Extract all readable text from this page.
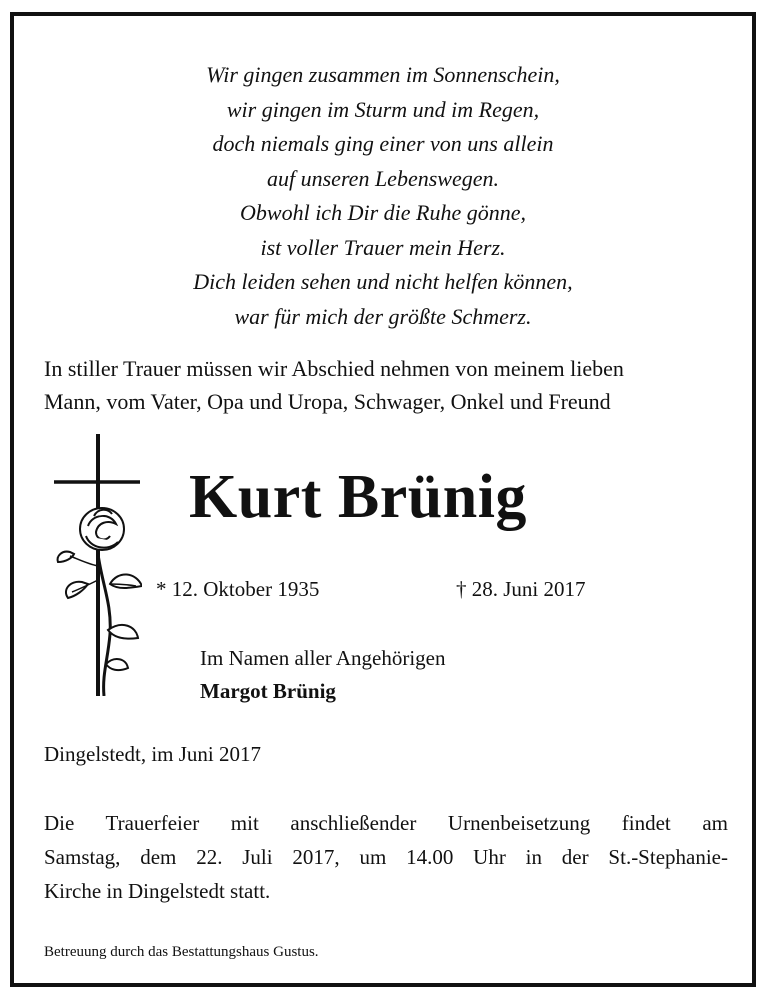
Wir gingen zusammen im Sonnenschein,
wir gingen im Sturm und im Regen,
doch niemals ging einer von uns allein
auf unseren Lebenswegen.
Obwohl ich Dir die Ruhe gönne,
ist voller Trauer mein Herz.
Dich leiden sehen und nicht helfen können,
war für mich der größte Schmerz.
In stiller Trauer müssen wir Abschied nehmen von meinem lieben
Mann, vom Vater, Opa und Uropa, Schwager, Onkel und Freund
Kurt Brünig
* 12. Oktober 1935	† 28. Juni 2017
Im Namen aller Angehörigen
Margot Brünig
Dingelstedt, im Juni 2017
Die Trauerfeier mit anschließender Urnenbeisetzung findet am
Samstag, dem 22. Juli 2017, um 14.00 Uhr in der St.-Stephanie-
Kirche in Dingelstedt statt.
Betreuung durch das Bestattungshaus Gustus.
